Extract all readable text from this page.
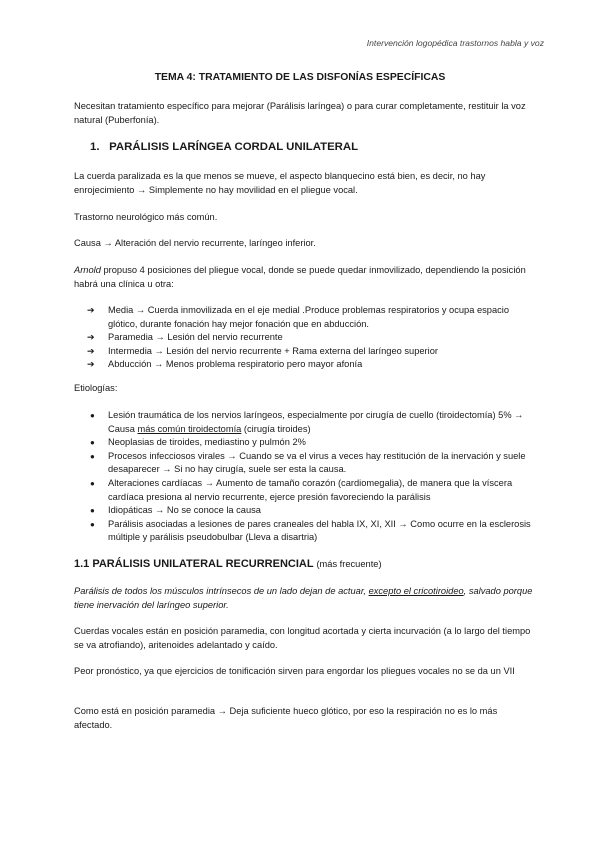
Intervención logopédica trastornos habla y voz
TEMA 4: TRATAMIENTO DE LAS DISFONÍAS ESPECÍFICAS
Necesitan tratamiento específico para mejorar (Parálisis laríngea) o para curar completamente, restituir la voz natural (Puberfonía).
1. PARÁLISIS LARÍNGEA CORDAL UNILATERAL
La cuerda paralizada es la que menos se mueve, el aspecto blanquecino está bien, es decir, no hay enrojecimiento → Simplemente no hay movilidad en el pliegue vocal.
Trastorno neurológico más común.
Causa → Alteración del nervio recurrente, laríngeo inferior.
Arnold propuso 4 posiciones del pliegue vocal, donde se puede quedar inmovilizado, dependiendo la posición habrá una clínica u otra:
➔ Media → Cuerda inmovilizada en el eje medial .Produce problemas respiratorios y ocupa espacio glótico, durante fonación hay mejor fonación que en abducción.
➔ Paramedia → Lesión del nervio recurrente
➔ Intermedia → Lesión del nervio recurrente + Rama externa del laríngeo superior
➔ Abducción → Menos problema respiratorio pero mayor afonía
Etiologías:
● Lesión traumática de los nervios laríngeos, especialmente por cirugía de cuello (tiroidectomía) 5% → Causa más común tiroidectomía (cirugía tiroides)
● Neoplasias de tiroides, mediastino y pulmón 2%
● Procesos infecciosos virales → Cuando se va el virus a veces hay restitución de la inervación y suele desaparecer → Si no hay cirugía, suele ser esta la causa.
● Alteraciones cardíacas → Aumento de tamaño corazón (cardiomegalia), de manera que la víscera cardíaca presiona al nervio recurrente, ejerce presión favoreciendo la parálisis
● Idiopáticas → No se conoce la causa
● Parálisis asociadas a lesiones de pares craneales del habla IX, XI, XII → Como ocurre en la esclerosis múltiple y parálisis pseudobulbar (Lleva a disartria)
1.1 PARÁLISIS UNILATERAL RECURRENCIAL (más frecuente)
Parálisis de todos los músculos intrínsecos de un lado dejan de actuar, excepto el cricotiroideo, salvado porque tiene inervación del laríngeo superior.
Cuerdas vocales están en posición paramedia, con longitud acortada y cierta incurvación (a lo largo del tiempo se va atrofiando), aritenoides adelantado y caído.
Peor pronóstico, ya que ejercicios de tonificación sirven para engordar los pliegues vocales no se da un VII
Como está en posición paramedia → Deja suficiente hueco glótico, por eso la respiración no es lo más afectado.
